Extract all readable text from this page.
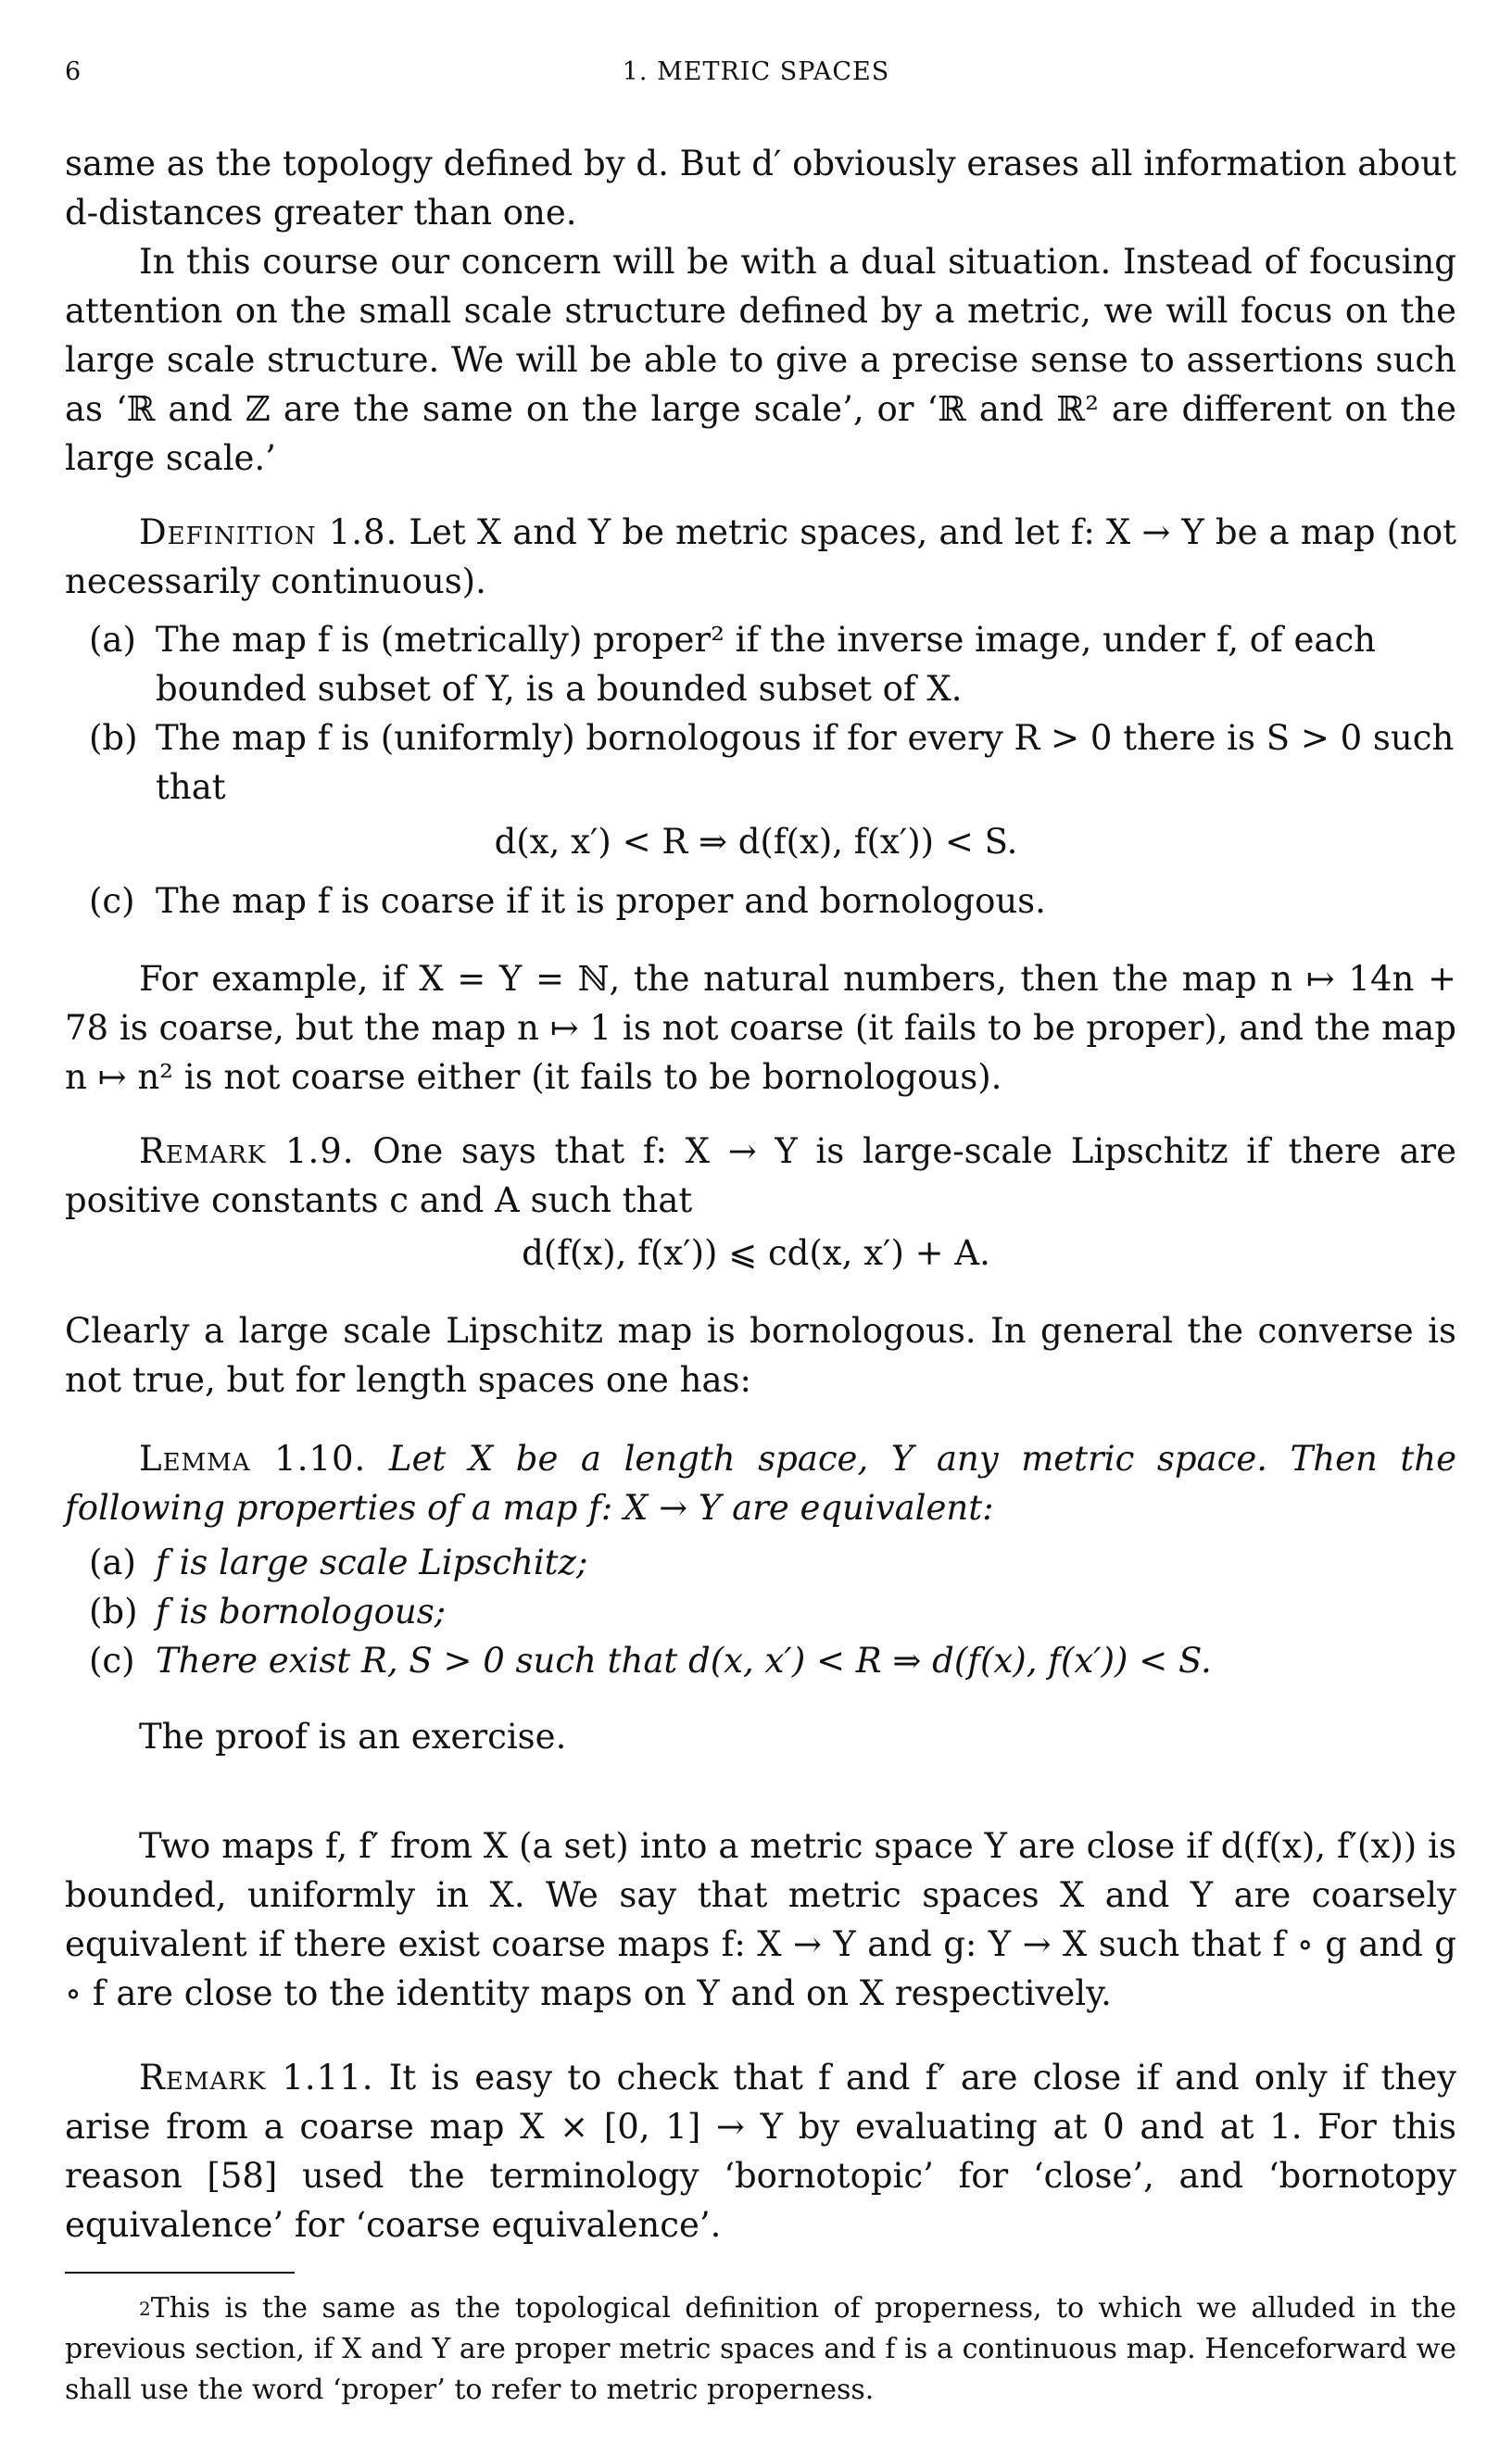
6	1. METRIC SPACES
same as the topology defined by d. But d′ obviously erases all information about d-distances greater than one.
In this course our concern will be with a dual situation. Instead of focusing attention on the small scale structure defined by a metric, we will focus on the large scale structure. We will be able to give a precise sense to assertions such as ‘ℝ and ℤ are the same on the large scale’, or ‘ℝ and ℝ² are different on the large scale.’
Definition 1.8. Let X and Y be metric spaces, and let f: X → Y be a map (not necessarily continuous).
(a) The map f is (metrically) proper² if the inverse image, under f, of each bounded subset of Y, is a bounded subset of X.
(b) The map f is (uniformly) bornologous if for every R > 0 there is S > 0 such that
d(x, x′) < R ⇒ d(f(x), f(x′)) < S.
(c) The map f is coarse if it is proper and bornologous.
For example, if X = Y = ℕ, the natural numbers, then the map n ↦ 14n + 78 is coarse, but the map n ↦ 1 is not coarse (it fails to be proper), and the map n ↦ n² is not coarse either (it fails to be bornologous).
Remark 1.9. One says that f: X → Y is large-scale Lipschitz if there are positive constants c and A such that
d(f(x), f(x′)) ⩽ cd(x, x′) + A.
Clearly a large scale Lipschitz map is bornologous. In general the converse is not true, but for length spaces one has:
Lemma 1.10. Let X be a length space, Y any metric space. Then the following properties of a map f: X → Y are equivalent:
(a) f is large scale Lipschitz;
(b) f is bornologous;
(c) There exist R, S > 0 such that d(x, x′) < R ⇒ d(f(x), f(x′)) < S.
The proof is an exercise.
Two maps f, f′ from X (a set) into a metric space Y are close if d(f(x), f′(x)) is bounded, uniformly in X. We say that metric spaces X and Y are coarsely equivalent if there exist coarse maps f: X → Y and g: Y → X such that f ∘ g and g ∘ f are close to the identity maps on Y and on X respectively.
Remark 1.11. It is easy to check that f and f′ are close if and only if they arise from a coarse map X × [0, 1] → Y by evaluating at 0 and at 1. For this reason [58] used the terminology ‘bornotopic’ for ‘close’, and ‘bornotopy equivalence’ for ‘coarse equivalence’.
$^2$This is the same as the topological definition of properness, to which we alluded in the previous section, if X and Y are proper metric spaces and f is a continuous map. Henceforward we shall use the word ‘proper’ to refer to metric properness.
